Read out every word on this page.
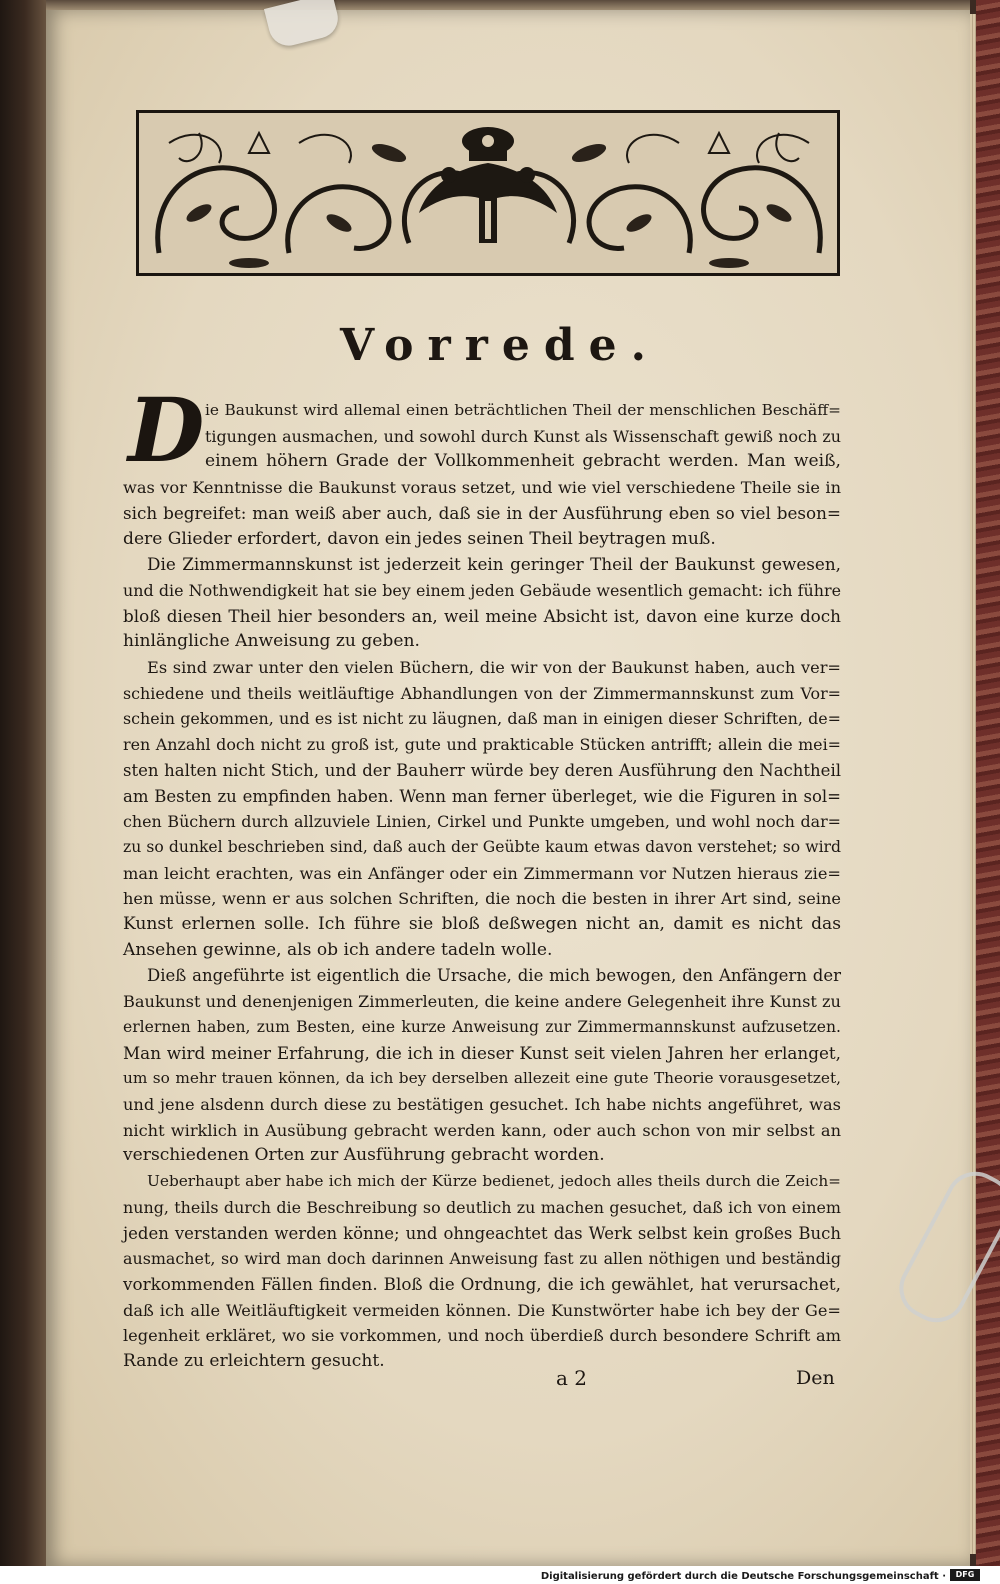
Vorrede.
D ie Baukunst wird allemal einen beträchtlichen Theil der menschlichen Beschäff=
tigungen ausmachen, und sowohl durch Kunst als Wissenschaft gewiß noch zu
einem höhern Grade der Vollkommenheit gebracht werden. Man weiß,
was vor Kenntnisse die Baukunst voraus setzet, und wie viel verschiedene Theile sie in
sich begreifet: man weiß aber auch, daß sie in der Ausführung eben so viel beson=
dere Glieder erfordert, davon ein jedes seinen Theil beytragen muß.
Die Zimmermannskunst ist jederzeit kein geringer Theil der Baukunst gewesen,
und die Nothwendigkeit hat sie bey einem jeden Gebäude wesentlich gemacht: ich führe
bloß diesen Theil hier besonders an, weil meine Absicht ist, davon eine kurze doch
hinlängliche Anweisung zu geben.
Es sind zwar unter den vielen Büchern, die wir von der Baukunst haben, auch ver=
schiedene und theils weitläuftige Abhandlungen von der Zimmermannskunst zum Vor=
schein gekommen, und es ist nicht zu läugnen, daß man in einigen dieser Schriften, de=
ren Anzahl doch nicht zu groß ist, gute und prakticable Stücken antrifft; allein die mei=
sten halten nicht Stich, und der Bauherr würde bey deren Ausführung den Nachtheil
am Besten zu empfinden haben. Wenn man ferner überleget, wie die Figuren in sol=
chen Büchern durch allzuviele Linien, Cirkel und Punkte umgeben, und wohl noch dar=
zu so dunkel beschrieben sind, daß auch der Geübte kaum etwas davon verstehet; so wird
man leicht erachten, was ein Anfänger oder ein Zimmermann vor Nutzen hieraus zie=
hen müsse, wenn er aus solchen Schriften, die noch die besten in ihrer Art sind, seine
Kunst erlernen solle. Ich führe sie bloß deßwegen nicht an, damit es nicht das
Ansehen gewinne, als ob ich andere tadeln wolle.
Dieß angeführte ist eigentlich die Ursache, die mich bewogen, den Anfängern der
Baukunst und denenjenigen Zimmerleuten, die keine andere Gelegenheit ihre Kunst zu
erlernen haben, zum Besten, eine kurze Anweisung zur Zimmermannskunst aufzusetzen.
Man wird meiner Erfahrung, die ich in dieser Kunst seit vielen Jahren her erlanget,
um so mehr trauen können, da ich bey derselben allezeit eine gute Theorie vorausgesetzet,
und jene alsdenn durch diese zu bestätigen gesuchet. Ich habe nichts angeführet, was
nicht wirklich in Ausübung gebracht werden kann, oder auch schon von mir selbst an
verschiedenen Orten zur Ausführung gebracht worden.
Ueberhaupt aber habe ich mich der Kürze bedienet, jedoch alles theils durch die Zeich=
nung, theils durch die Beschreibung so deutlich zu machen gesuchet, daß ich von einem
jeden verstanden werden könne; und ohngeachtet das Werk selbst kein großes Buch
ausmachet, so wird man doch darinnen Anweisung fast zu allen nöthigen und beständig
vorkommenden Fällen finden. Bloß die Ordnung, die ich gewählet, hat verursachet,
daß ich alle Weitläuftigkeit vermeiden können. Die Kunstwörter habe ich bey der Ge=
legenheit erkläret, wo sie vorkommen, und noch überdieß durch besondere Schrift am
Rande zu erleichtern gesucht.
a 2	Den
Digitalisierung gefördert durch die Deutsche Forschungsgemeinschaft ·	DFG
